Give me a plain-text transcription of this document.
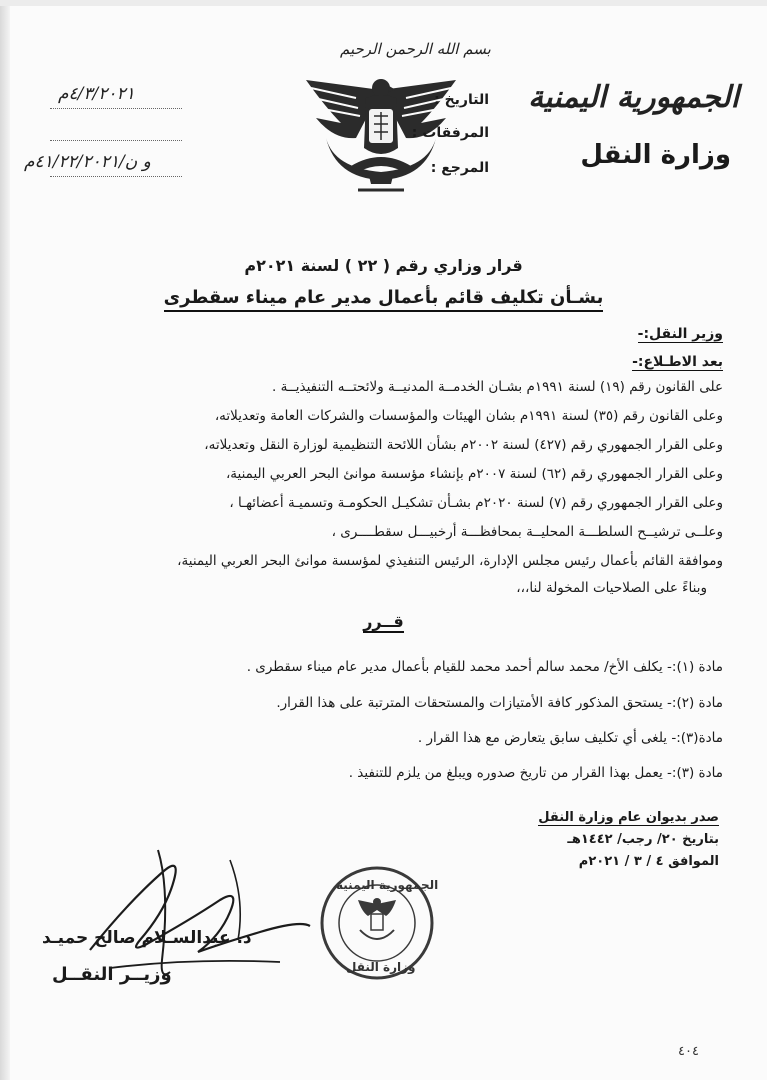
بسم الله الرحمن الرحيم
الجمهورية اليمنية
وزارة النقل
التاريخ :
٤/٣/٢٠٢١م
المرفقات :
المرجع :
و ن/٤١/٢٢/٢٠٢١م
قرار وزاري رقم ( ٢٢ ) لسنة ٢٠٢١م
بشـأن تكليف قائم بأعمال مدير عام ميناء سقطرى
وزير النقل:-
بعد الاطـلاع:-
على القانون رقم (١٩) لسنة ١٩٩١م بشـان الخدمــة المدنيــة ولائحتــه التنفيذيــة .
وعلى القانون رقم (٣٥) لسنة ١٩٩١م بشان الهيئات والمؤسسات والشركات العامة وتعديلاته،
وعلى القرار الجمهوري رقم (٤٢٧) لسنة ٢٠٠٢م بشأن اللائحة التنظيمية لوزارة النقل وتعديلاته،
وعلى القرار الجمهوري رقم (٦٢) لسنة ٢٠٠٧م بإنشاء مؤسسة موانئ البحر العربي اليمنية،
وعلى القرار الجمهوري رقم (٧) لسنة ٢٠٢٠م بشـأن تشكيـل الحكومـة وتسميـة أعضائهـا ،
وعلــى ترشيــح السلطـــة المحليــة بمحافظـــة أرخبيـــل سقطــــرى ،
وموافقة القائم بأعمال رئيس مجلس الإدارة، الرئيس التنفيذي لمؤسسة موانئ البحر العربي اليمنية،
وبناءً على الصلاحيات المخولة لنا،،،
قــرر
مادة (١):- يكلف الأخ/ محمد سالم أحمد محمد للقيام بأعمال مدير عام ميناء سقطرى .
مادة (٢):- يستحق المذكور كافة الأمتيازات والمستحقات المترتبة على هذا القرار.
مادة(٣):- يلغى أي تكليف سابق يتعارض مع هذا القرار .
مادة (٣):- يعمل بهذا القرار من تاريخ صدوره ويبلغ من يلزم للتنفيذ .
صدر بديوان عام وزارة النقل
بتاريخ ٢٠/ رجب/ ١٤٤٢هـ
الموافق ٤ / ٣ / ٢٠٢١م
الجمهورية اليمنية
وزارة النقل
د. عبدالسـلام صالح حميـد
وزيــر النقــل
٤٠٤
